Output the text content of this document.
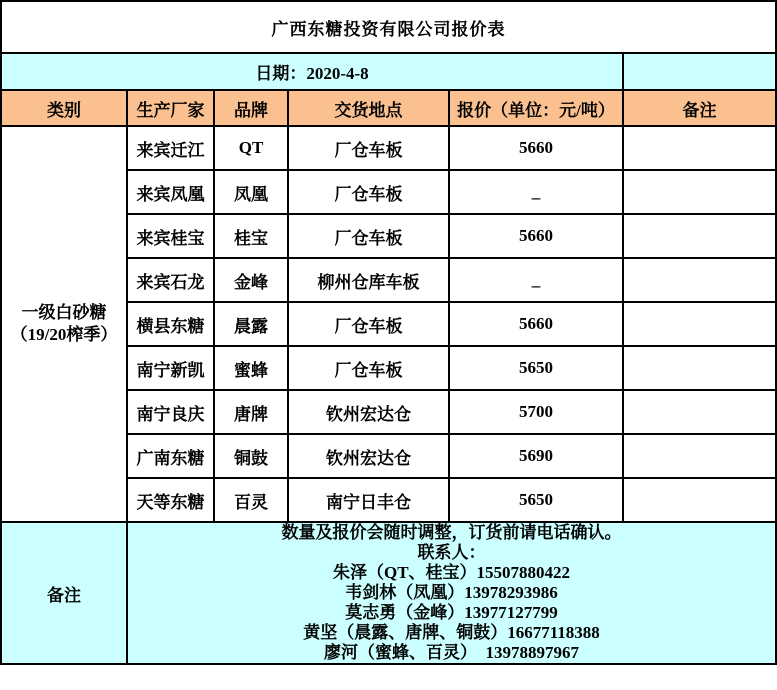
广西东糖投资有限公司报价表					
日期：2020-4-8					
类别	生产厂家	品牌	交货地点	报价（单位：元/吨）	备注

一级白砂糖
（19/20榨季）	来宾迁江	QT	厂仓车板	5660	
	来宾凤凰	凤凰	厂仓车板	_	
	来宾桂宝	桂宝	厂仓车板	5660	
	来宾石龙	金峰	柳州仓库车板	_	
	横县东糖	晨露	厂仓车板	5660	
	南宁新凯	蜜蜂	厂仓车板	5650	
	南宁良庆	唐牌	钦州宏达仓	5700	
	广南东糖	铜鼓	钦州宏达仓	5690	
	天等东糖	百灵	南宁日丰仓	5650	
备注	
数量及报价会随时调整，订货前请电话确认。
联系人：
朱泽（QT、桂宝）15507880422
韦剑林（凤凰）13978293986
莫志勇（金峰）13977127799
黄坚（晨露、唐牌、铜鼓）16677118388
廖河（蜜蜂、百灵）  13978897967
